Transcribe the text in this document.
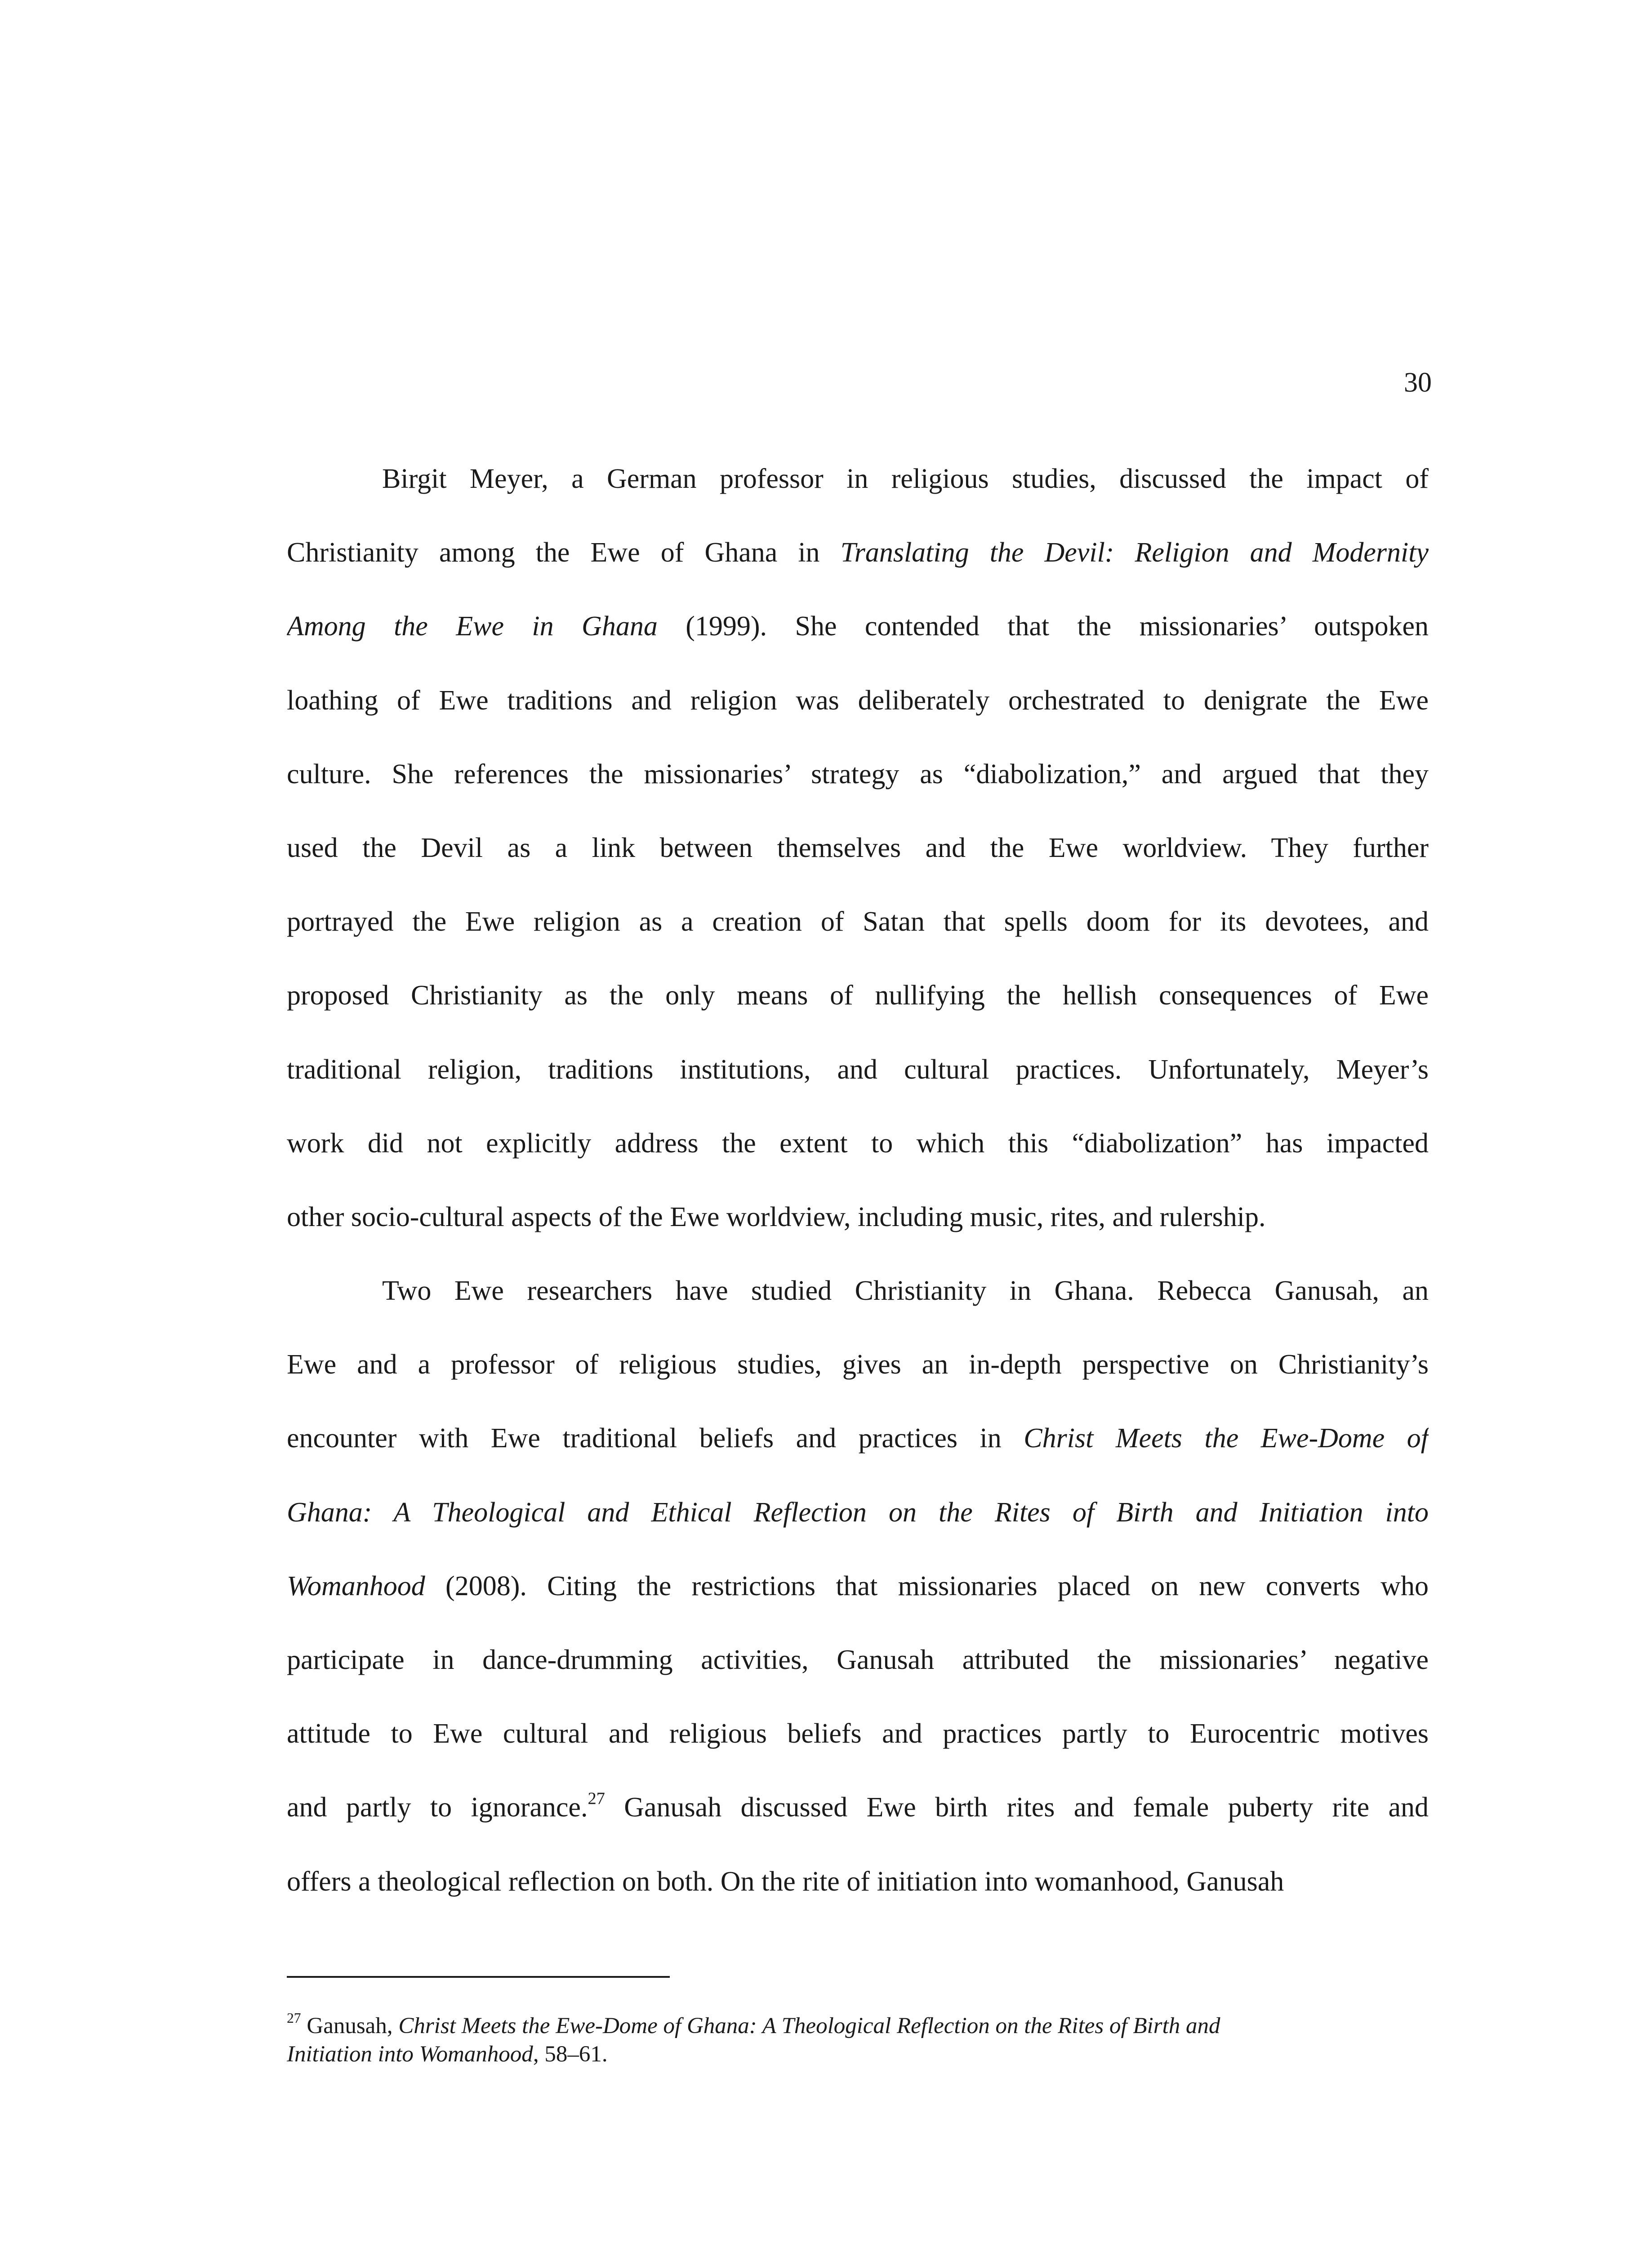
30
Birgit Meyer, a German professor in religious studies, discussed the impact of
Christianity among the Ewe of Ghana in Translating the Devil: Religion and Modernity
Among the Ewe in Ghana (1999). She contended that the missionaries’ outspoken
loathing of Ewe traditions and religion was deliberately orchestrated to denigrate the Ewe
culture. She references the missionaries’ strategy as “diabolization,” and argued that they
used the Devil as a link between themselves and the Ewe worldview. They further
portrayed the Ewe religion as a creation of Satan that spells doom for its devotees, and
proposed Christianity as the only means of nullifying the hellish consequences of Ewe
traditional religion, traditions institutions, and cultural practices. Unfortunately, Meyer’s
work did not explicitly address the extent to which this “diabolization” has impacted
other socio-cultural aspects of the Ewe worldview, including music, rites, and rulership.
Two Ewe researchers have studied Christianity in Ghana. Rebecca Ganusah, an
Ewe and a professor of religious studies, gives an in-depth perspective on Christianity’s
encounter with Ewe traditional beliefs and practices in Christ Meets the Ewe-Dome of
Ghana: A Theological and Ethical Reflection on the Rites of Birth and Initiation into
Womanhood (2008). Citing the restrictions that missionaries placed on new converts who
participate in dance-drumming activities, Ganusah attributed the missionaries’ negative
attitude to Ewe cultural and religious beliefs and practices partly to Eurocentric motives
and partly to ignorance.$^{27}$ Ganusah discussed Ewe birth rites and female puberty rite and
offers a theological reflection on both. On the rite of initiation into womanhood, Ganusah
$^{27}$ Ganusah, Christ Meets the Ewe-Dome of Ghana: A Theological Reflection on the Rites of Birth and
Initiation into Womanhood, 58–61.
